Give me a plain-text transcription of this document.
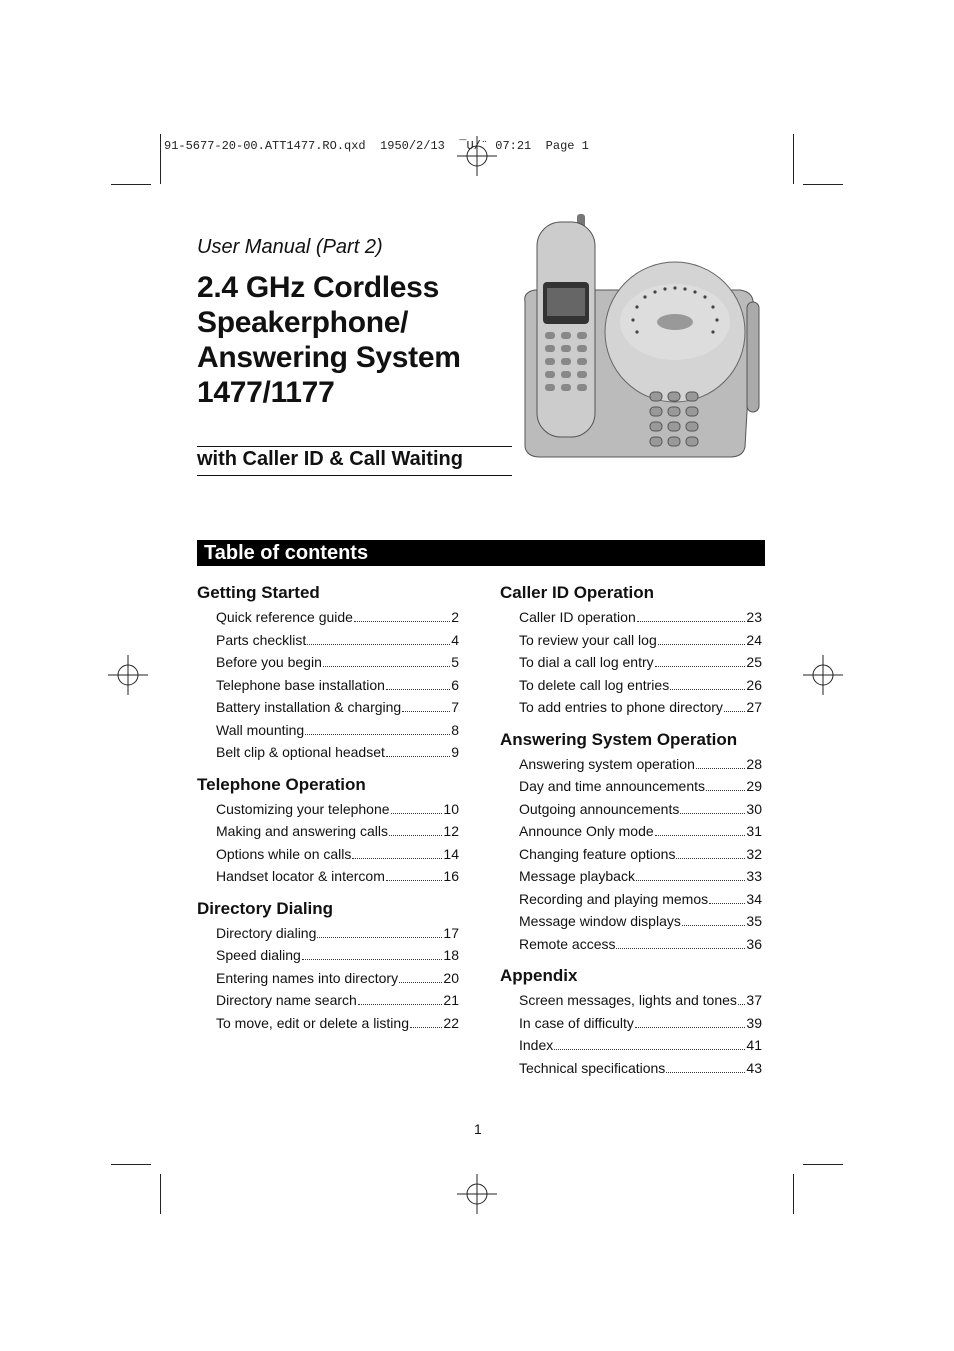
91-5677-20-00.ATT1477.RO.qxd  1950/2/13  ¯U/¨ 07:21  Page 1
User Manual (Part 2)
2.4 GHz Cordless
Speakerphone/
Answering System
1477/1177
with Caller ID & Call Waiting
Table of contents
Getting Started
Quick reference guide	2
Parts checklist	4
Before you begin	5
Telephone base installation	6
Battery installation & charging	7
Wall mounting	8
Belt clip & optional headset	9
Telephone Operation
Customizing your telephone	10
Making and answering calls	12
Options while on calls	14
Handset locator & intercom	16
Directory Dialing
Directory dialing	17
Speed dialing	18
Entering names into directory	20
Directory name search	21
To move, edit or delete a listing 22
Caller ID Operation
Caller ID operation	23
To review your call log	24
To dial a call log entry	25
To delete call log entries	26
To add entries to phone directory 27
Answering System Operation
Answering system operation	28
Day and time announcements	29
Outgoing announcements	30
Announce Only mode	31
Changing feature options	32
Message playback	33
Recording and playing memos	34
Message window displays	35
Remote access	36
Appendix
Screen messages, lights and tones 37
In case of difficulty	39
Index	41
Technical specifications	43
1
